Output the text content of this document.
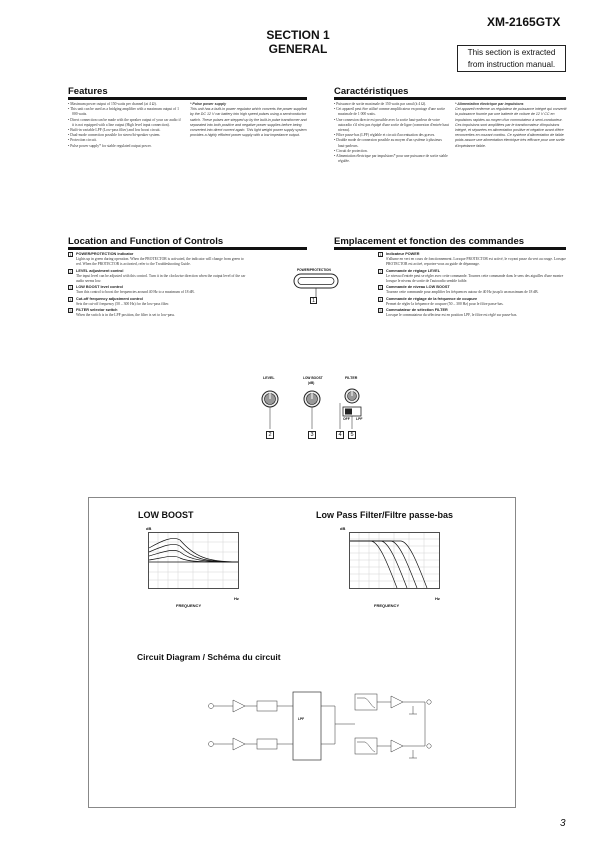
XM-2165GTX
SECTION 1
GENERAL	This section is extracted
from instruction manual.
Features
• Maximum power output of 150 watts per channel (at 4 Ω).
• This unit can be used as a bridging amplifier with a maximum output of 1 000 watts.
• Direct connection can be made with the speaker output of your car audio if it is not equipped with a line output (High level input connection).
• Built-in variable LPF (Low-pass filter) and low boost circuit.
• Dual-mode connection possible for stereo/bi-speaker system.
• Protection circuit.
• Pulse power supply* for stable regulated output power.
* Pulse power supply
This unit has a built-in power regulator which converts the power supplied by the DC 12 V car battery into high speed pulses using a semiconductor switch. These pulses are stepped up by the built-in pulse transformer and separated into both positive and negative power supplies before being converted into direct current again. This light weight power supply system provides a highly efficient power supply with a low impedance output.
Caractéristiques
• Puissance de sortie maximale de 150 watts par canal (à 4 Ω).
• Cet appareil peut être utilisé comme amplificateur en pontage d'une sortie maximale de 1 000 watts.
• Une connexion directe est possible avec la sortie haut-parleur de votre autoradio s'il n'est pas équipé d'une sortie de ligne (connexion d'entrée haut niveau).
• Filtre passe-bas (LPF) réglable et circuit d'accentuation des graves.
• Double mode de connexion possible au moyen d'un système à plusieurs haut-parleurs.
• Circuit de protection.
• Alimentation électrique par impulsions* pour une puissance de sortie stable régulée.
* Alimentation électrique par impulsions
Cet appareil renferme un régulateur de puissance intégré qui convertit la puissance fournie par une batterie de voiture de 12 V CC en impulsions rapides au moyen d'un commutateur à semi-conducteur. Ces impulsions sont amplifiées par le transformateur d'impulsions intégré, et séparées en alimentation positive et négative avant d'être reconverties en courant continu. Ce système d'alimentation de faible poids assure une alimentation électrique très efficace pour une sortie d'impédance faible.
Location and Function of Controls
1 POWER/PROTECTION indicator
Lights up in green during operation. When the PROTECTOR is activated, the indicator will change from green to red. When the PROTECTOR is activated, refer to the Troubleshooting Guide.
2 LEVEL adjustment control
The input level can be adjusted with this control. Turn it in the clockwise direction when the output level of the car audio seems low.
3 LOW BOOST level control
Turn this control to boost the frequencies around 40 Hz to a maximum of 18 dB.
4 Cut-off frequency adjustment control
Sets the cut-off frequency (50 – 300 Hz) for the low-pass filter.
5 FILTER selector switch
When the switch is in the LPF position, the filter is set to low-pass.
Emplacement et fonction des commandes
1 Indicateur POWER
S'allume en vert en cours de fonctionnement. Lorsque PROTECTOR est activé, le voyant passe du vert au rouge. Lorsque PROTECTOR est activé, reportez-vous au guide de dépannage.
2 Commande de réglage LEVEL
Le niveau d'entrée peut se régler avec cette commande. Tournez cette commande dans le sens des aiguilles d'une montre lorsque le niveau de sortie de l'autoradio semble faible.
3 Commande de niveau LOW BOOST
Tournez cette commande pour amplifier les fréquences autour de 40 Hz jusqu'à un maximum de 18 dB.
4 Commande de réglage de la fréquence de coupure
Permet de régler la fréquence de coupure (50 – 300 Hz) pour le filtre passe-bas.
5 Commutateur de sélection FILTER
Lorsque le commutateur du sélecteur est en position LPF, le filtre est réglé sur passe-bas.
POWER/PROTECTION
1
LEVEL	LOW BOOST
(dB)
FILTER
OFF LPF
2	3	4	5
LOW BOOST
dB
FREQUENCY
Hz
Low Pass Filter/Filtre passe-bas
dB
FREQUENCY
Hz
Circuit Diagram / Schéma du circuit
LPF
3
